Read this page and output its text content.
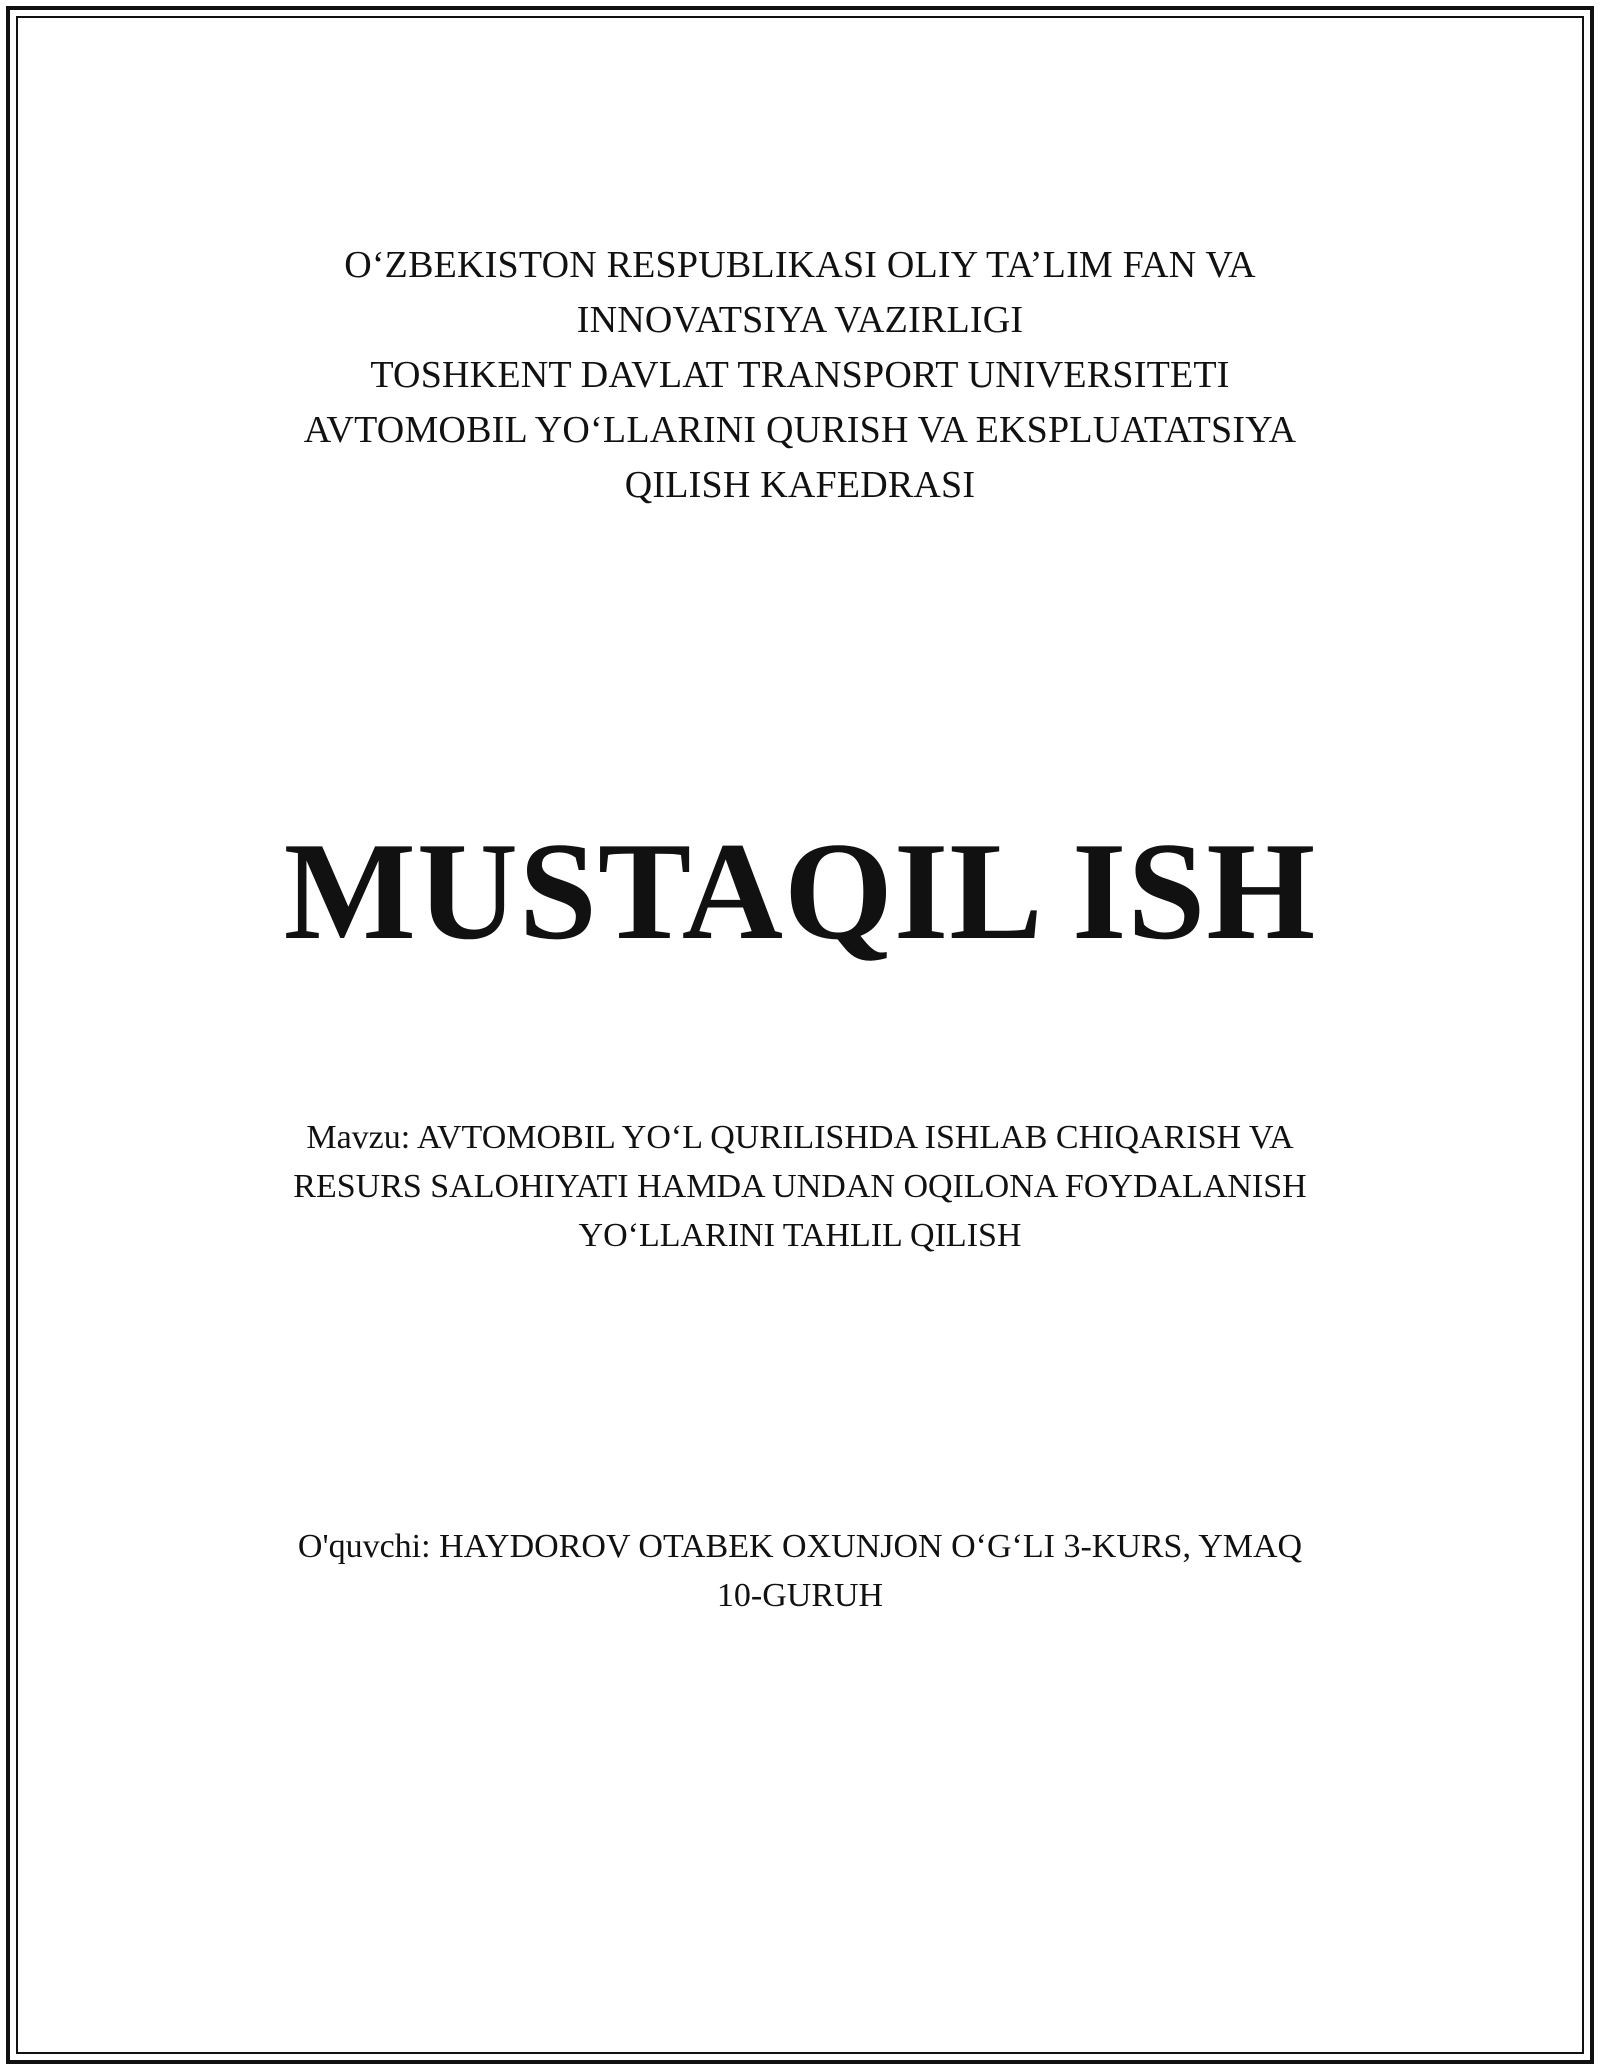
O‘ZBEKISTON RESPUBLIKASI OLIY TA’LIM FAN VA
INNOVATSIYA VAZIRLIGI
TOSHKENT DAVLAT TRANSPORT UNIVERSITETI
AVTOMOBIL YO‘LLARINI QURISH VA EKSPLUATATSIYA
QILISH KAFEDRASI
MUSTAQIL ISH
Mavzu: AVTOMOBIL YO‘L QURILISHDA ISHLAB CHIQARISH VA
RESURS SALOHIYATI HAMDA UNDAN OQILONA FOYDALANISH
YO‘LLARINI TAHLIL QILISH
O'quvchi: HAYDOROV OTABEK OXUNJON O‘G‘LI 3-KURS, YMAQ
10-GURUH
